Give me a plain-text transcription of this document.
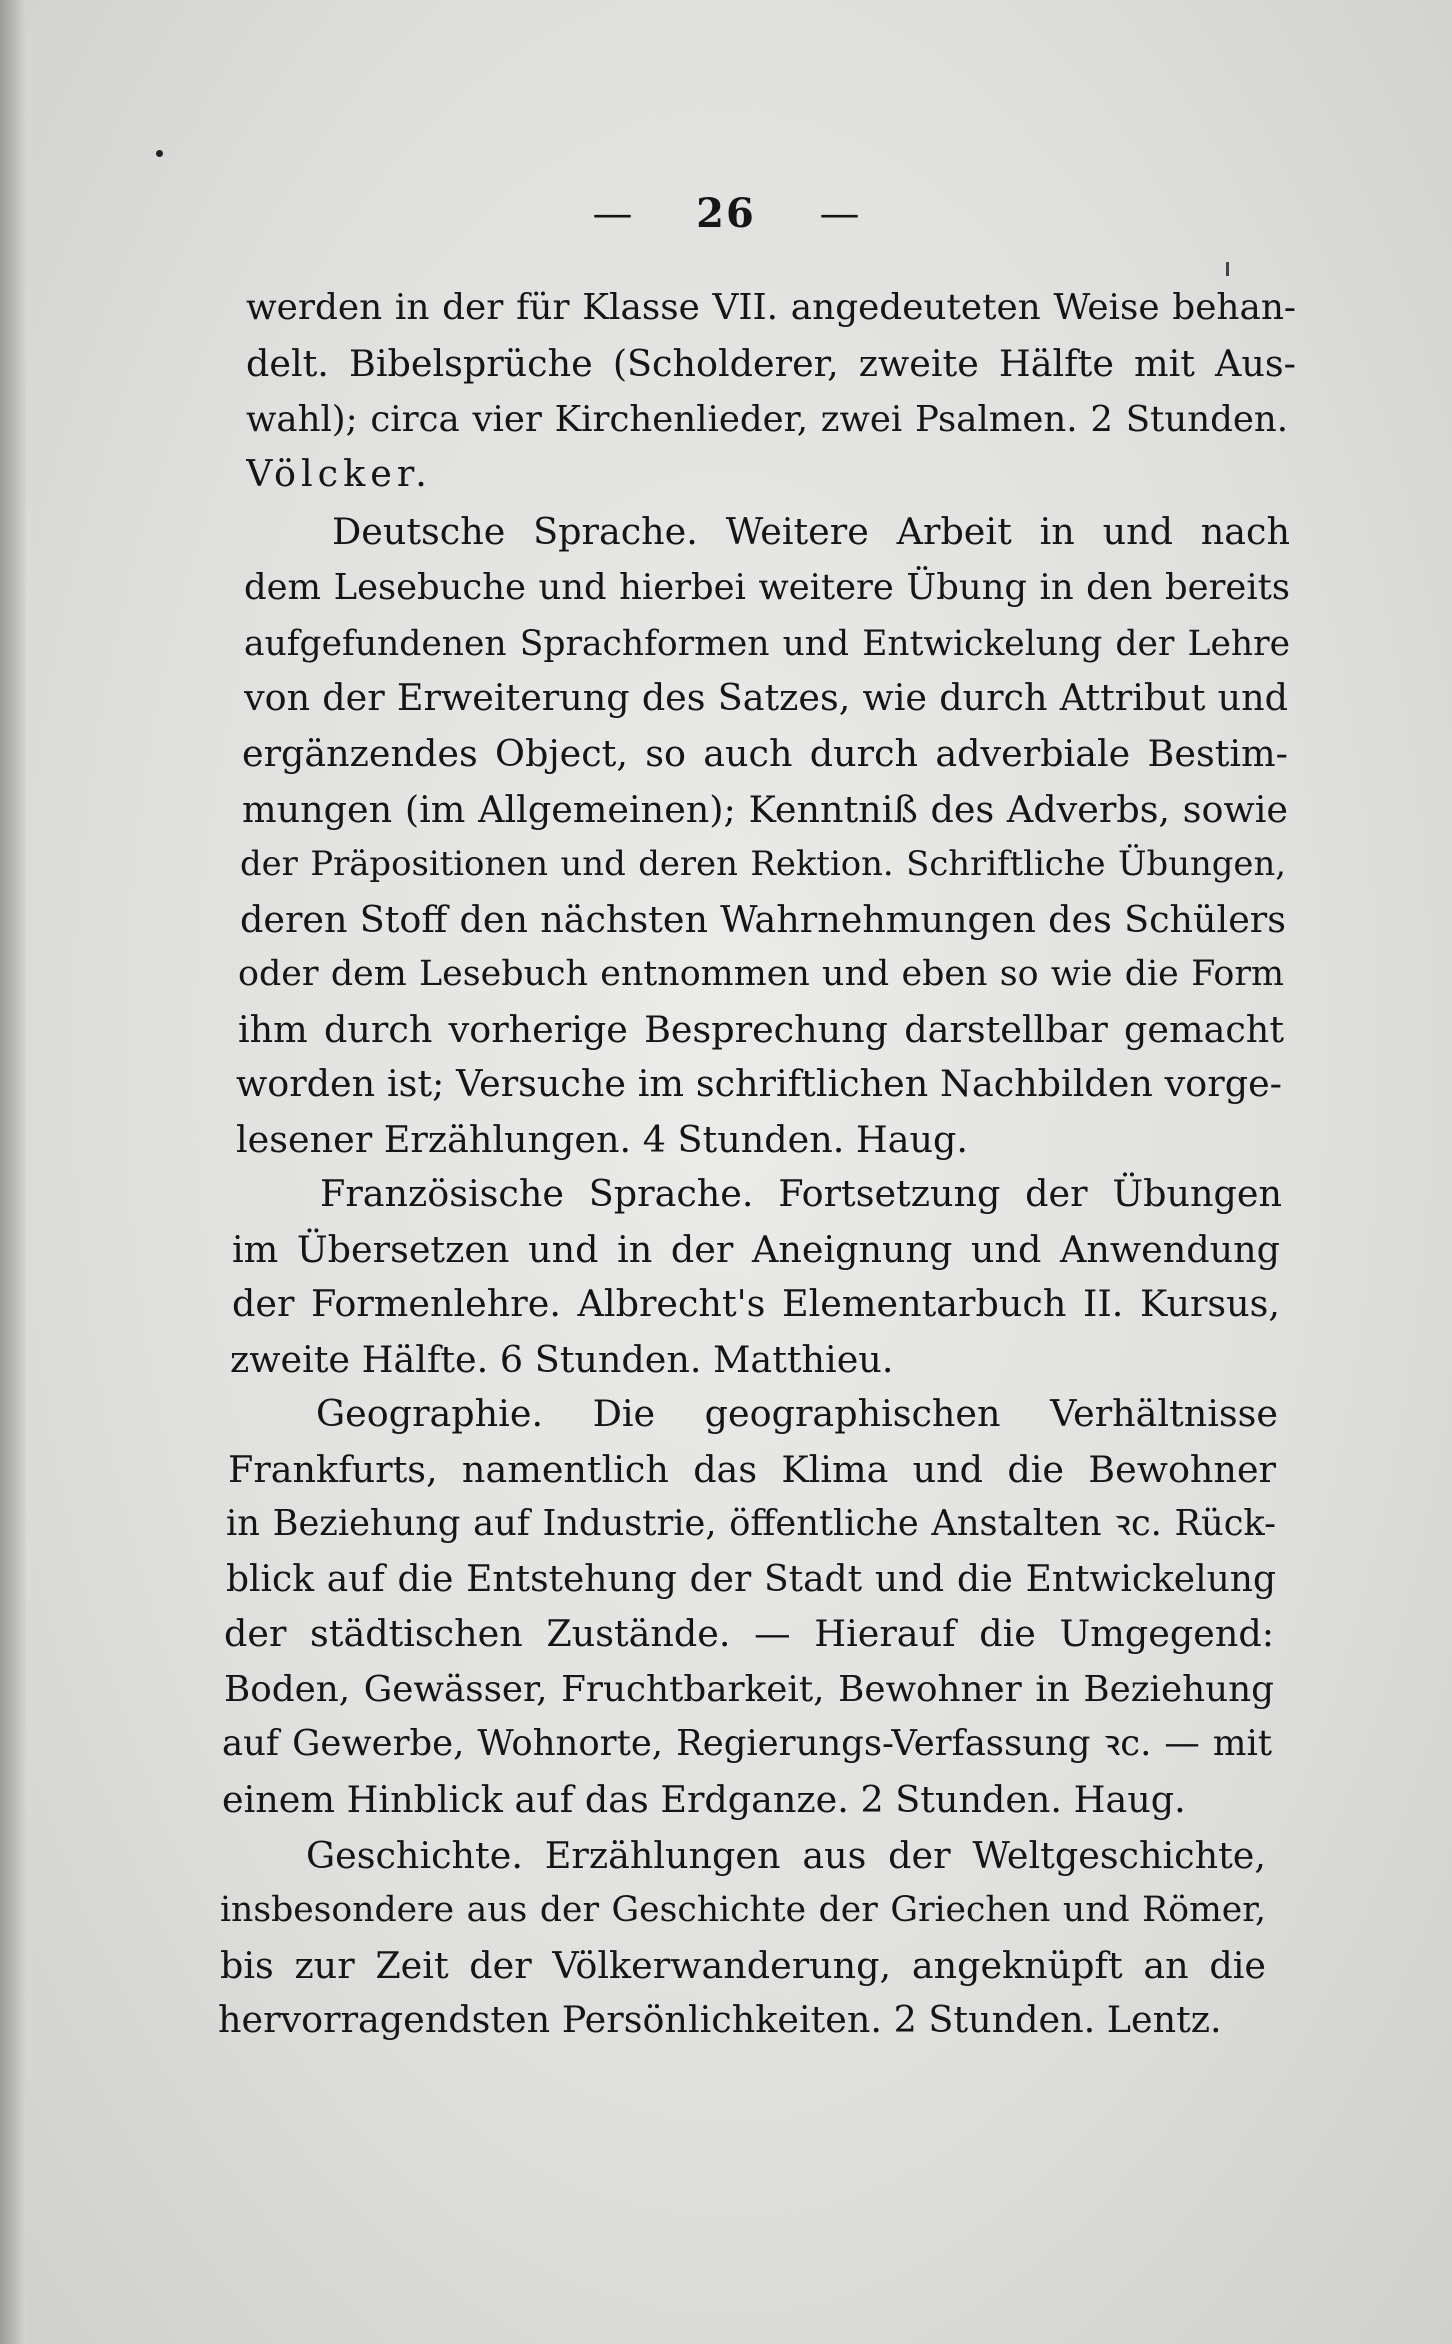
— 26 —
werden in der für Klasse VII. angedeuteten Weise behan-
delt. Bibelsprüche (Scholderer, zweite Hälfte mit Aus-
wahl); circa vier Kirchenlieder, zwei Psalmen. 2 Stunden.
Völcker.
Deutsche Sprache. Weitere Arbeit in und nach
dem Lesebuche und hierbei weitere Übung in den bereits
aufgefundenen Sprachformen und Entwickelung der Lehre
von der Erweiterung des Satzes, wie durch Attribut und
ergänzendes Object, so auch durch adverbiale Bestim-
mungen (im Allgemeinen); Kenntniß des Adverbs, sowie
der Präpositionen und deren Rektion. Schriftliche Übungen,
deren Stoff den nächsten Wahrnehmungen des Schülers
oder dem Lesebuch entnommen und eben so wie die Form
ihm durch vorherige Besprechung darstellbar gemacht
worden ist; Versuche im schriftlichen Nachbilden vorge-
lesener Erzählungen. 4 Stunden. Haug.
Französische Sprache. Fortsetzung der Übungen
im Übersetzen und in der Aneignung und Anwendung
der Formenlehre. Albrecht's Elementarbuch II. Kursus,
zweite Hälfte. 6 Stunden. Matthieu.
Geographie. Die geographischen Verhältnisse
Frankfurts, namentlich das Klima und die Bewohner
in Beziehung auf Industrie, öffentliche Anstalten ꝛc. Rück-
blick auf die Entstehung der Stadt und die Entwickelung
der städtischen Zustände. — Hierauf die Umgegend:
Boden, Gewässer, Fruchtbarkeit, Bewohner in Beziehung
auf Gewerbe, Wohnorte, Regierungs-Verfassung ꝛc. — mit
einem Hinblick auf das Erdganze. 2 Stunden. Haug.
Geschichte. Erzählungen aus der Weltgeschichte,
insbesondere aus der Geschichte der Griechen und Römer,
bis zur Zeit der Völkerwanderung, angeknüpft an die
hervorragendsten Persönlichkeiten. 2 Stunden. Lentz.
